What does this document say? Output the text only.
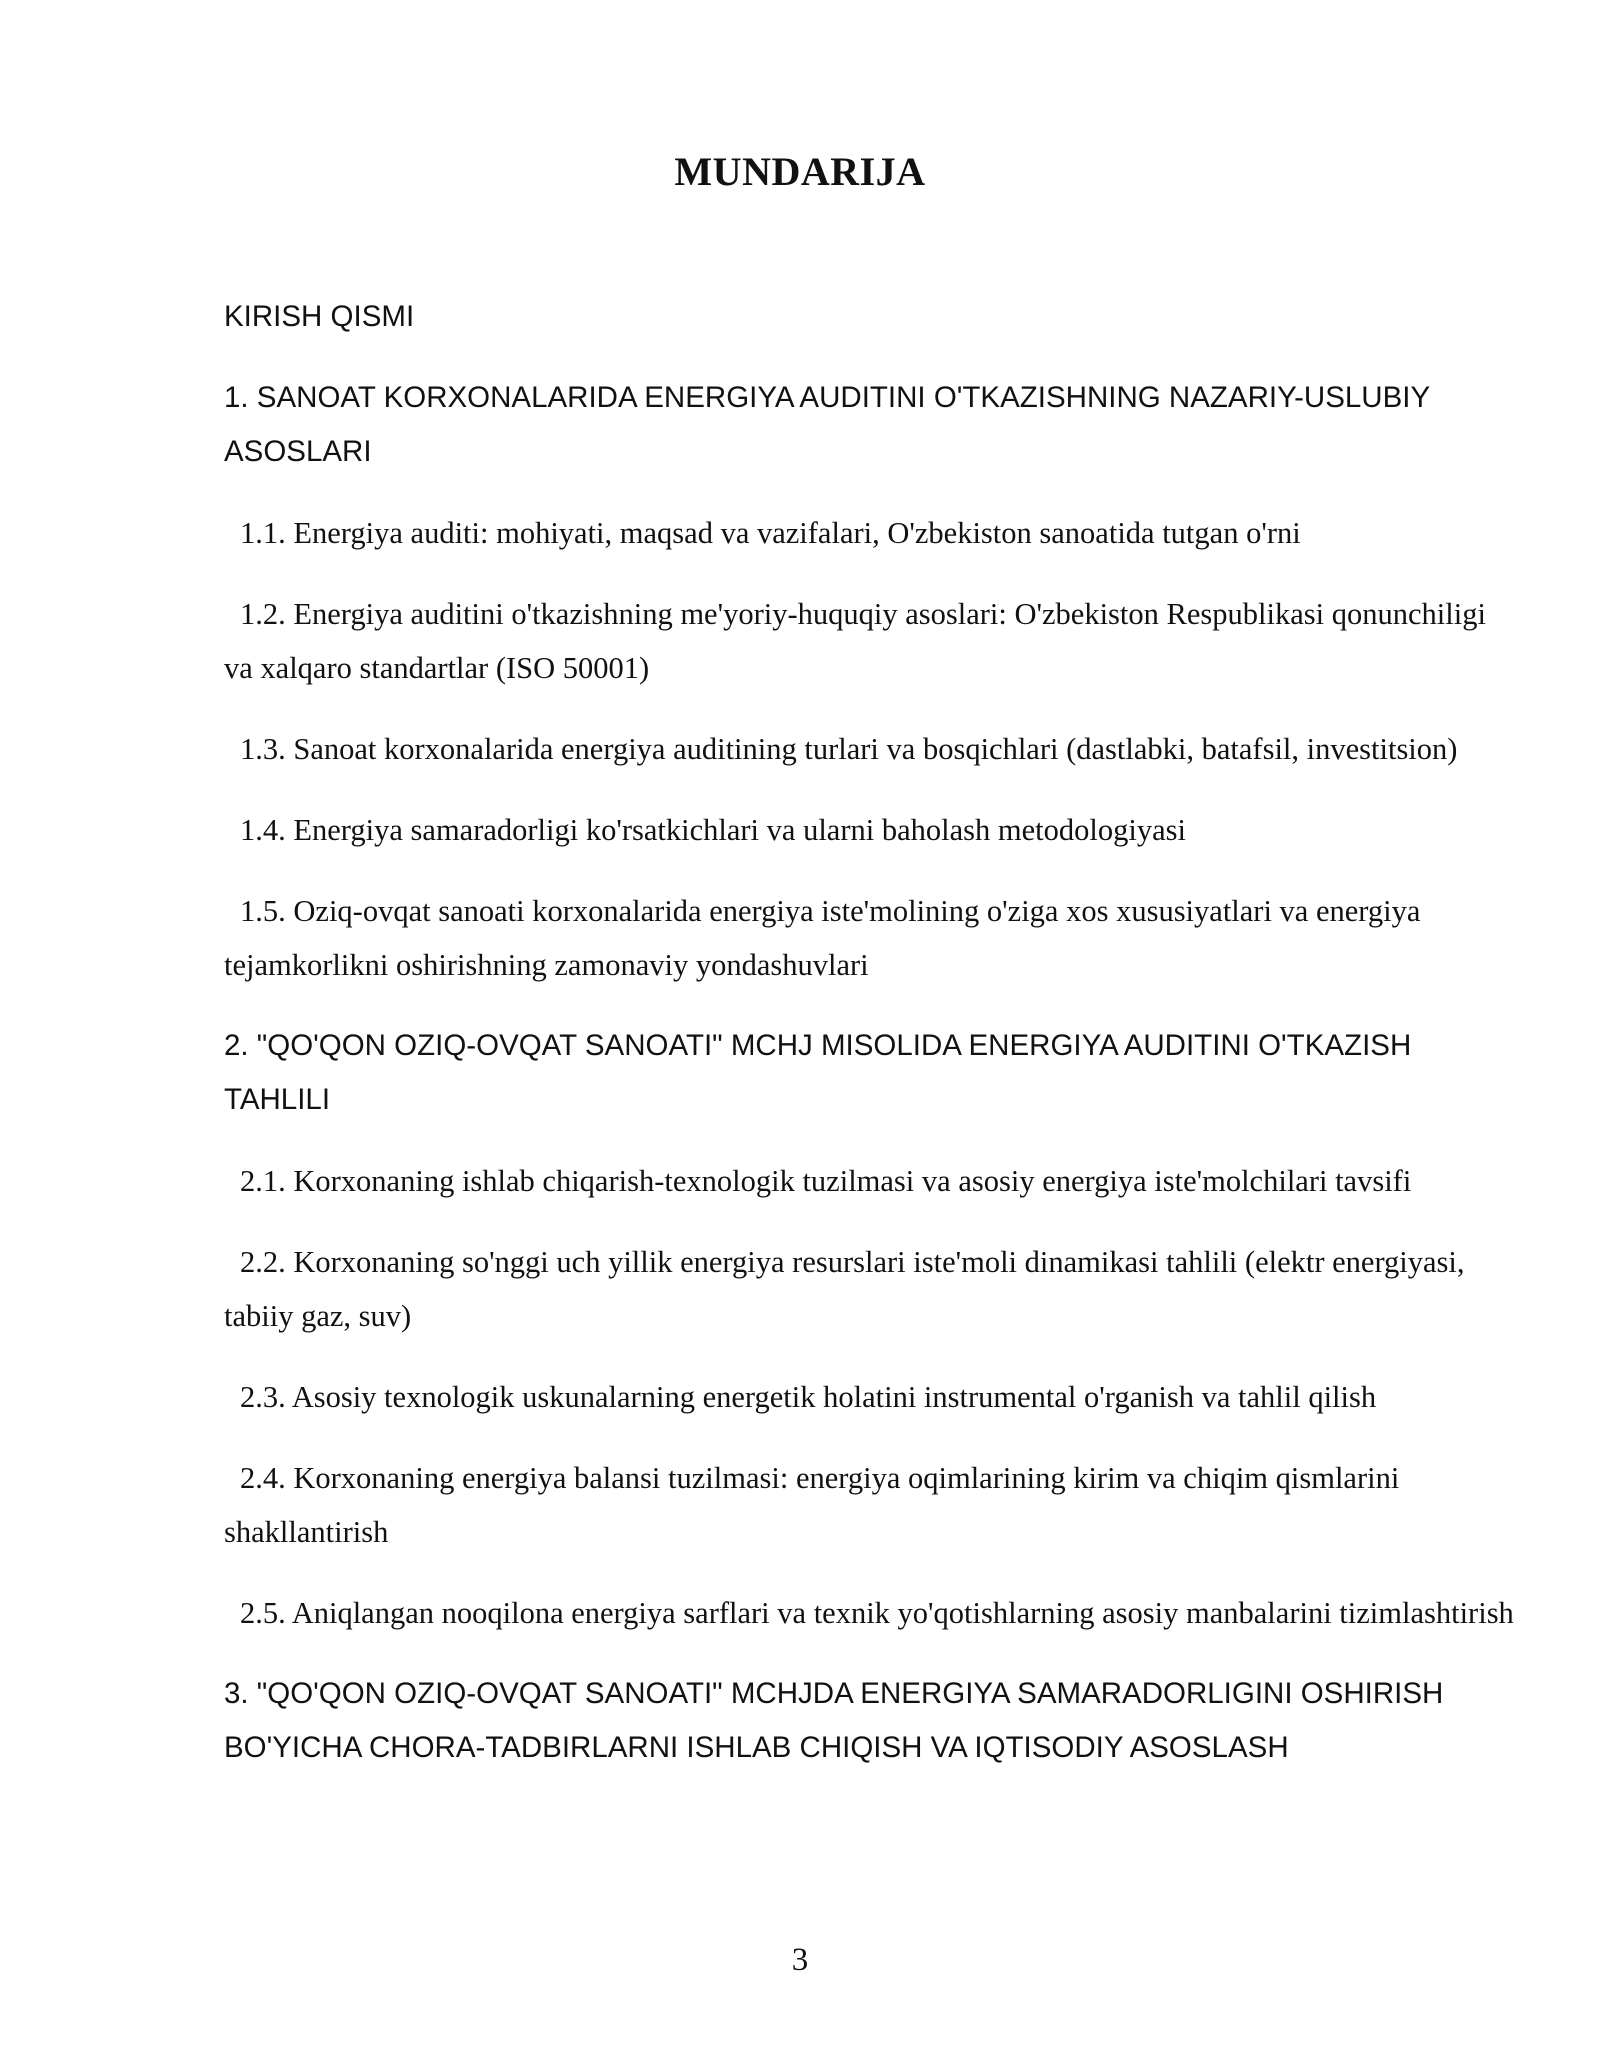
MUNDARIJA
KIRISH QISMI
1. SANOAT KORXONALARIDA ENERGIYA AUDITINI O'TKAZISHNING NAZARIY-USLUBIY ASOSLARI
1.1. Energiya auditi: mohiyati, maqsad va vazifalari, O'zbekiston sanoatida tutgan o'rni
1.2. Energiya auditini o'tkazishning me'yoriy-huquqiy asoslari: O'zbekiston Respublikasi qonunchiligi va xalqaro standartlar (ISO 50001)
1.3. Sanoat korxonalarida energiya auditining turlari va bosqichlari (dastlabki, batafsil, investitsion)
1.4. Energiya samaradorligi ko'rsatkichlari va ularni baholash metodologiyasi
1.5. Oziq-ovqat sanoati korxonalarida energiya iste'molining o'ziga xos xususiyatlari va energiya tejamkorlikni oshirishning zamonaviy yondashuvlari
2. "QO'QON OZIQ-OVQAT SANOATI" MCHJ MISOLIDA ENERGIYA AUDITINI O'TKAZISH TAHLILI
2.1. Korxonaning ishlab chiqarish-texnologik tuzilmasi va asosiy energiya iste'molchilari tavsifi
2.2. Korxonaning so'nggi uch yillik energiya resurslari iste'moli dinamikasi tahlili (elektr energiyasi, tabiiy gaz, suv)
2.3. Asosiy texnologik uskunalarning energetik holatini instrumental o'rganish va tahlil qilish
2.4. Korxonaning energiya balansi tuzilmasi: energiya oqimlarining kirim va chiqim qismlarini shakllantirish
2.5. Aniqlangan nooqilona energiya sarflari va texnik yo'qotishlarning asosiy manbalarini tizimlashtirish
3. "QO'QON OZIQ-OVQAT SANOATI" MCHJDA ENERGIYA SAMARADORLIGINI OSHIRISH BO'YICHA CHORA-TADBIRLARNI ISHLAB CHIQISH VA IQTISODIY ASOSLASH
3
